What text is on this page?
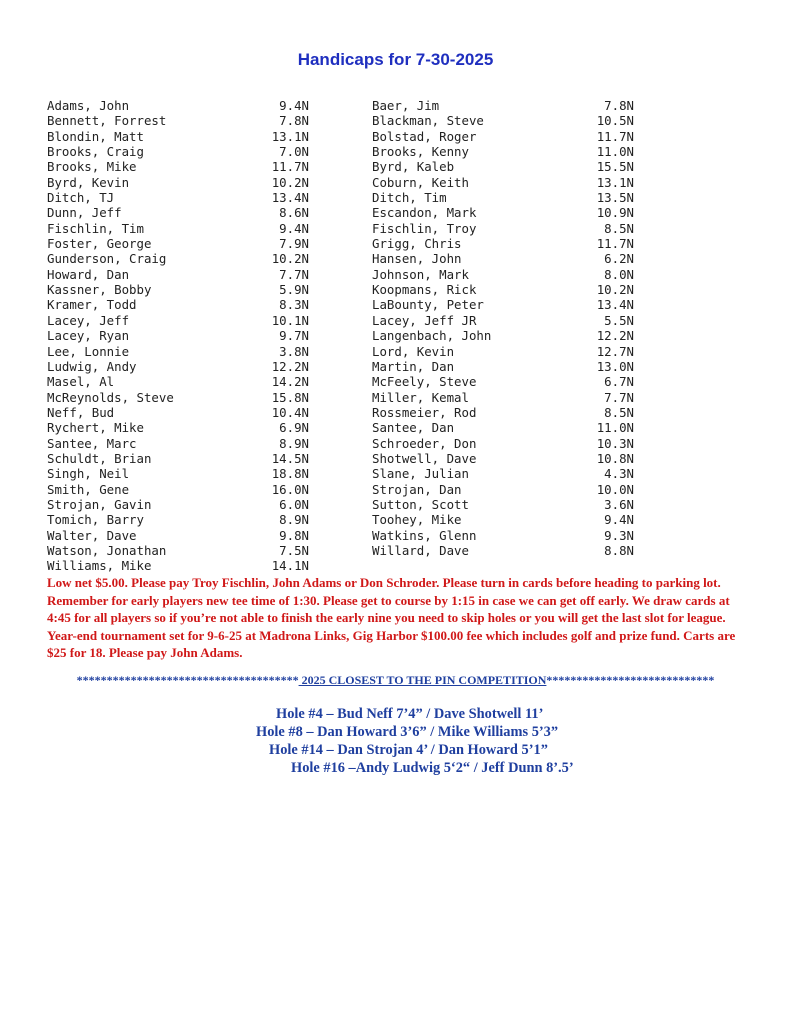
Handicaps for 7-30-2025
Adams, John	9.4N
Bennett, Forrest	7.8N
Blondin, Matt	13.1N
Brooks, Craig	7.0N
Brooks, Mike	11.7N
Byrd, Kevin	10.2N
Ditch, TJ	13.4N
Dunn, Jeff	8.6N
Fischlin, Tim	9.4N
Foster, George	7.9N
Gunderson, Craig	10.2N
Howard, Dan	7.7N
Kassner, Bobby	5.9N
Kramer, Todd	8.3N
Lacey, Jeff	10.1N
Lacey, Ryan	9.7N
Lee, Lonnie	3.8N
Ludwig, Andy	12.2N
Masel, Al	14.2N
McReynolds, Steve	15.8N
Neff, Bud	10.4N
Rychert, Mike	6.9N
Santee, Marc	8.9N
Schuldt, Brian	14.5N
Singh, Neil	18.8N
Smith, Gene	16.0N
Strojan, Gavin	6.0N
Tomich, Barry	8.9N
Walter, Dave	9.8N
Watson, Jonathan	7.5N
Williams, Mike	14.1N
Baer, Jim	7.8N
Blackman, Steve	10.5N
Bolstad, Roger	11.7N
Brooks, Kenny	11.0N
Byrd, Kaleb	15.5N
Coburn, Keith	13.1N
Ditch, Tim	13.5N
Escandon, Mark	10.9N
Fischlin, Troy	8.5N
Grigg, Chris	11.7N
Hansen, John	6.2N
Johnson, Mark	8.0N
Koopmans, Rick	10.2N
LaBounty, Peter	13.4N
Lacey, Jeff JR	5.5N
Langenbach, John	12.2N
Lord, Kevin	12.7N
Martin, Dan	13.0N
McFeely, Steve	6.7N
Miller, Kemal	7.7N
Rossmeier, Rod	8.5N
Santee, Dan	11.0N
Schroeder, Don	10.3N
Shotwell, Dave	10.8N
Slane, Julian	4.3N
Strojan, Dan	10.0N
Sutton, Scott	3.6N
Toohey, Mike	9.4N
Watkins, Glenn	9.3N
Willard, Dave	8.8N

Low net $5.00. Please pay Troy Fischlin, John Adams or Don Schroder. Please turn in cards before heading to parking lot. Remember for early players new tee time of 1:30. Please get to course by 1:15 in case we can get off early. We draw cards at 4:45 for all players so if you’re not able to finish the early nine you need to skip holes or you will get the last slot for league. Year-end tournament set for 9-6-25 at Madrona Links, Gig Harbor $100.00 fee which includes golf and prize fund. Carts are $25 for 18. Please pay John Adams.

************************************* 2025 CLOSEST TO THE PIN COMPETITION****************************
Hole #4 – Bud Neff 7’4” / Dave Shotwell 11’
Hole #8 – Dan Howard 3’6” / Mike Williams 5’3”
Hole #14 – Dan Strojan 4’ / Dan Howard 5’1”
Hole #16 –Andy Ludwig 5‘2“ / Jeff Dunn 8’.5’
